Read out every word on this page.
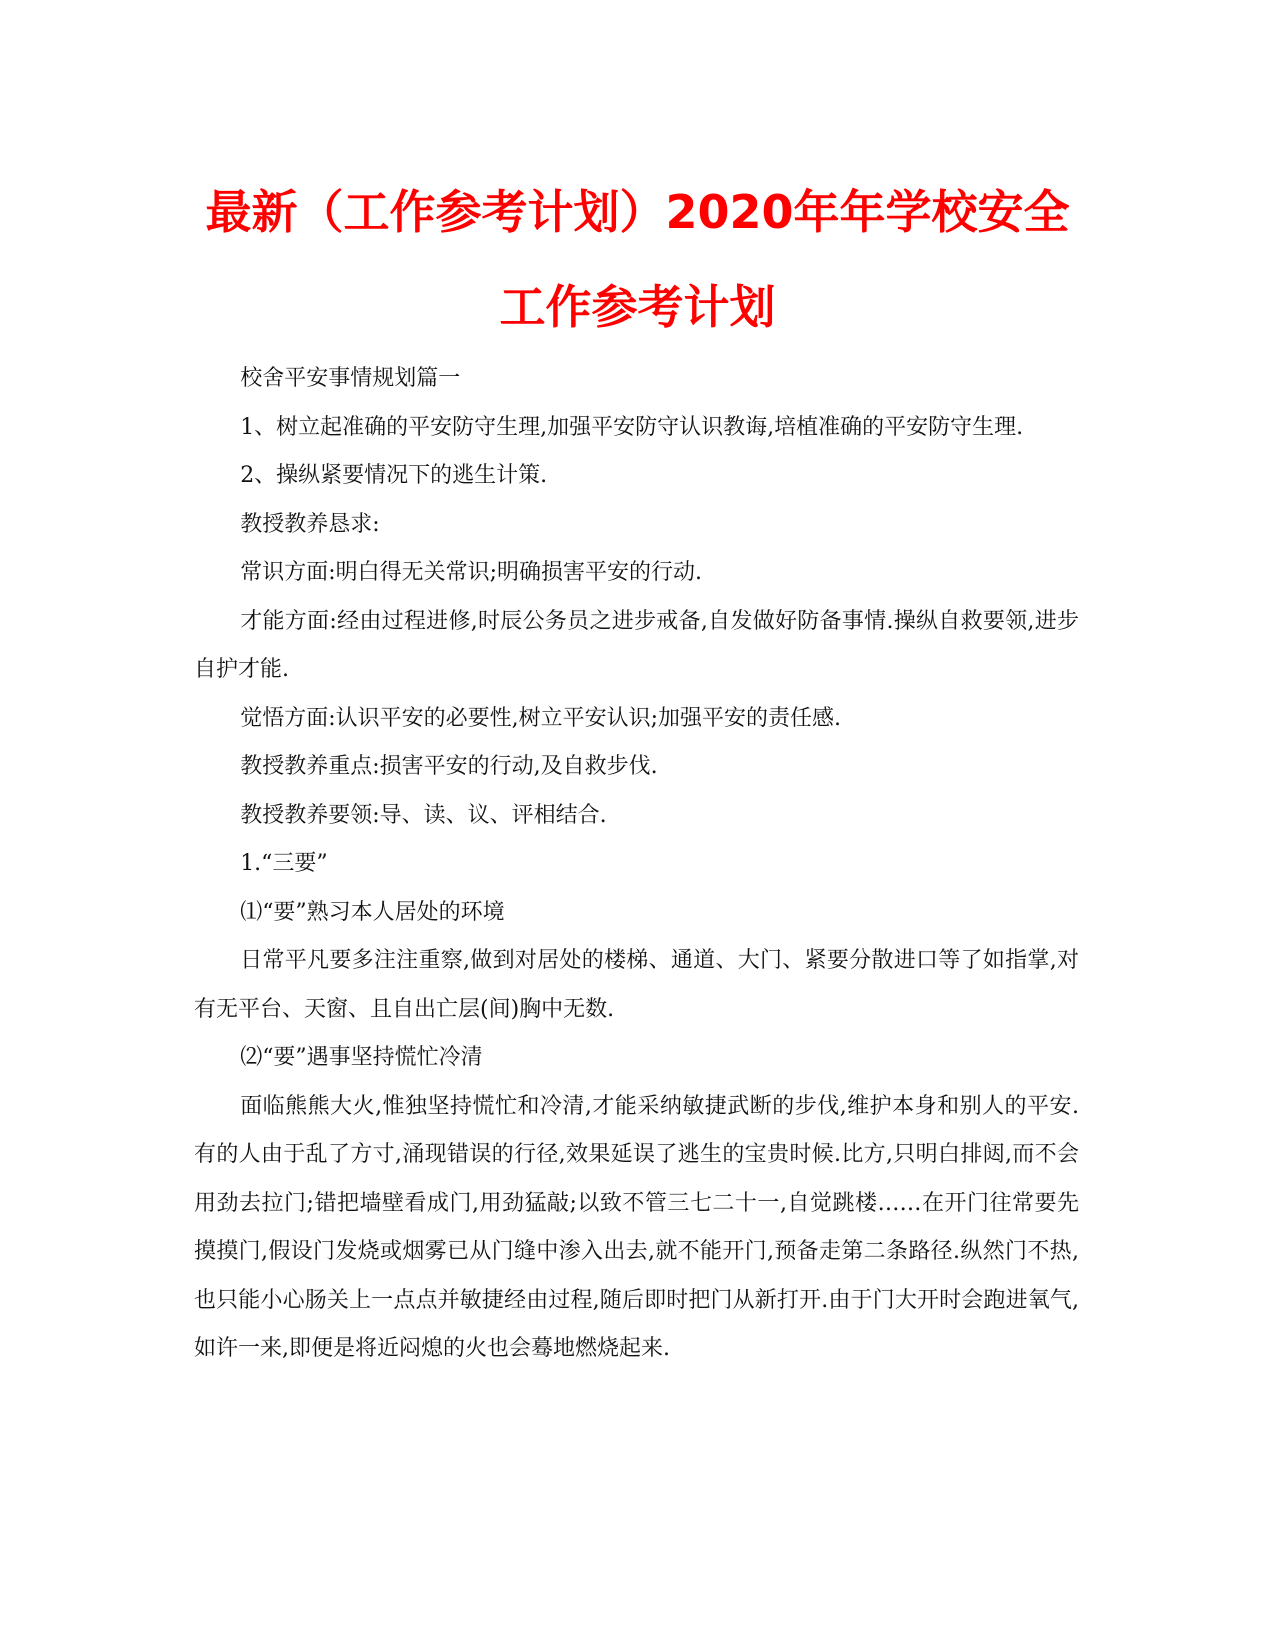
最新（工作参考计划）2020年年学校安全
工作参考计划

校舍平安事情规划篇一

1、树立起准确的平安防守生理,加强平安防守认识教诲,培植准确的平安防守生理.

2、操纵紧要情况下的逃生计策.

教授教养恳求:

常识方面:明白得无关常识;明确损害平安的行动.

才能方面:经由过程进修,时辰公务员之进步戒备,自发做好防备事情.操纵自救要领,进步自护才能.

觉悟方面:认识平安的必要性,树立平安认识;加强平安的责任感.

教授教养重点:损害平安的行动,及自救步伐.

教授教养要领:导、读、议、评相结合.

1.“三要”

⑴“要”熟习本人居处的环境

日常平凡要多注注重察,做到对居处的楼梯、通道、大门、紧要分散进口等了如指掌,对有无平台、天窗、且自出亡层(间)胸中无数.

⑵“要”遇事坚持慌忙冷清

面临熊熊大火,惟独坚持慌忙和冷清,才能采纳敏捷武断的步伐,维护本身和别人的平安.有的人由于乱了方寸,涌现错误的行径,效果延误了逃生的宝贵时候.比方,只明白排闼,而不会用劲去拉门;错把墙壁看成门,用劲猛敲;以致不管三七二十一,自觉跳楼……在开门往常要先摸摸门,假设门发烧或烟雾已从门缝中渗入出去,就不能开门,预备走第二条路径.纵然门不热,也只能小心肠关上一点点并敏捷经由过程,随后即时把门从新打开.由于门大开时会跑进氧气,如许一来,即便是将近闷熄的火也会蓦地燃烧起来.
